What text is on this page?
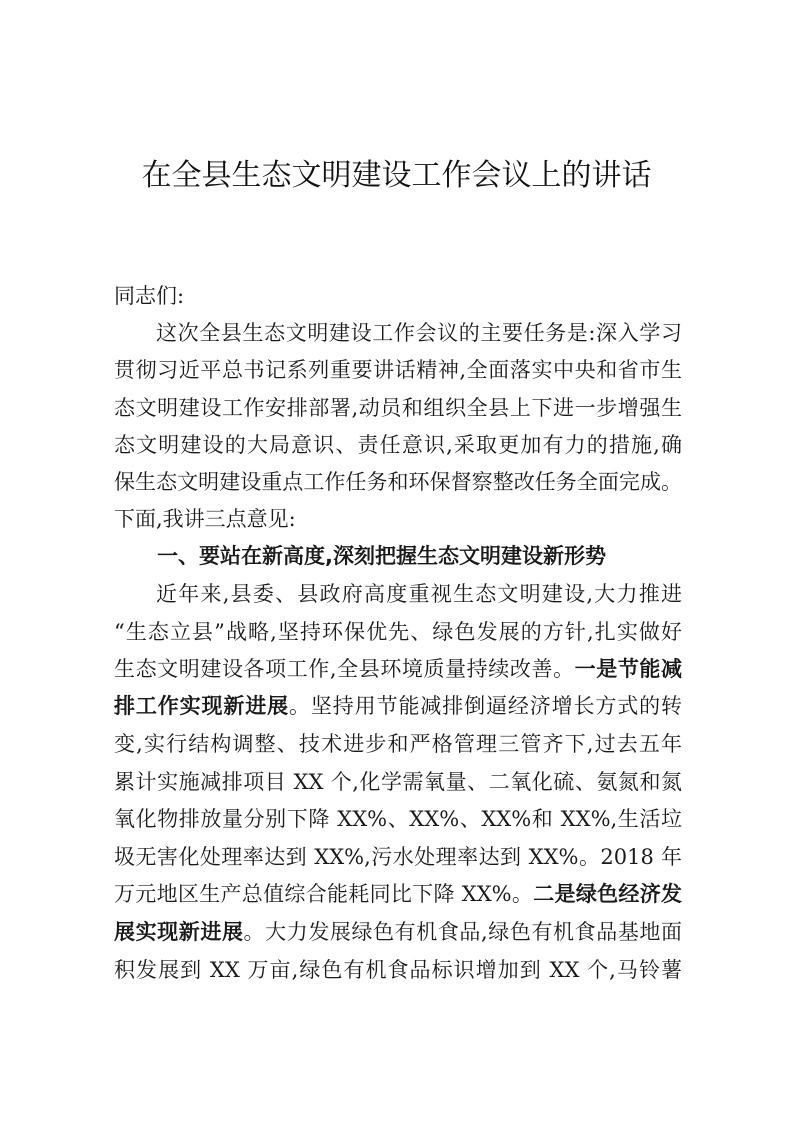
在全县生态文明建设工作会议上的讲话
同志们:
这次全县生态文明建设工作会议的主要任务是:深入学习
贯彻习近平总书记系列重要讲话精神,全面落实中央和省市生
态文明建设工作安排部署,动员和组织全县上下进一步增强生
态文明建设的大局意识、责任意识,采取更加有力的措施,确
保生态文明建设重点工作任务和环保督察整改任务全面完成。
下面,我讲三点意见:
一、要站在新高度,深刻把握生态文明建设新形势
近年来,县委、县政府高度重视生态文明建设,大力推进
“生态立县”战略,坚持环保优先、绿色发展的方针,扎实做好
生态文明建设各项工作,全县环境质量持续改善。一是节能减
排工作实现新进展。坚持用节能减排倒逼经济增长方式的转
变,实行结构调整、技术进步和严格管理三管齐下,过去五年
累计实施减排项目 XX 个,化学需氧量、二氧化硫、氨氮和氮
氧化物排放量分别下降 XX%、XX%、XX%和 XX%,生活垃
圾无害化处理率达到 XX%,污水处理率达到 XX%。2018 年
万元地区生产总值综合能耗同比下降 XX%。二是绿色经济发
展实现新进展。大力发展绿色有机食品,绿色有机食品基地面
积发展到 XX 万亩,绿色有机食品标识增加到 XX 个,马铃薯
